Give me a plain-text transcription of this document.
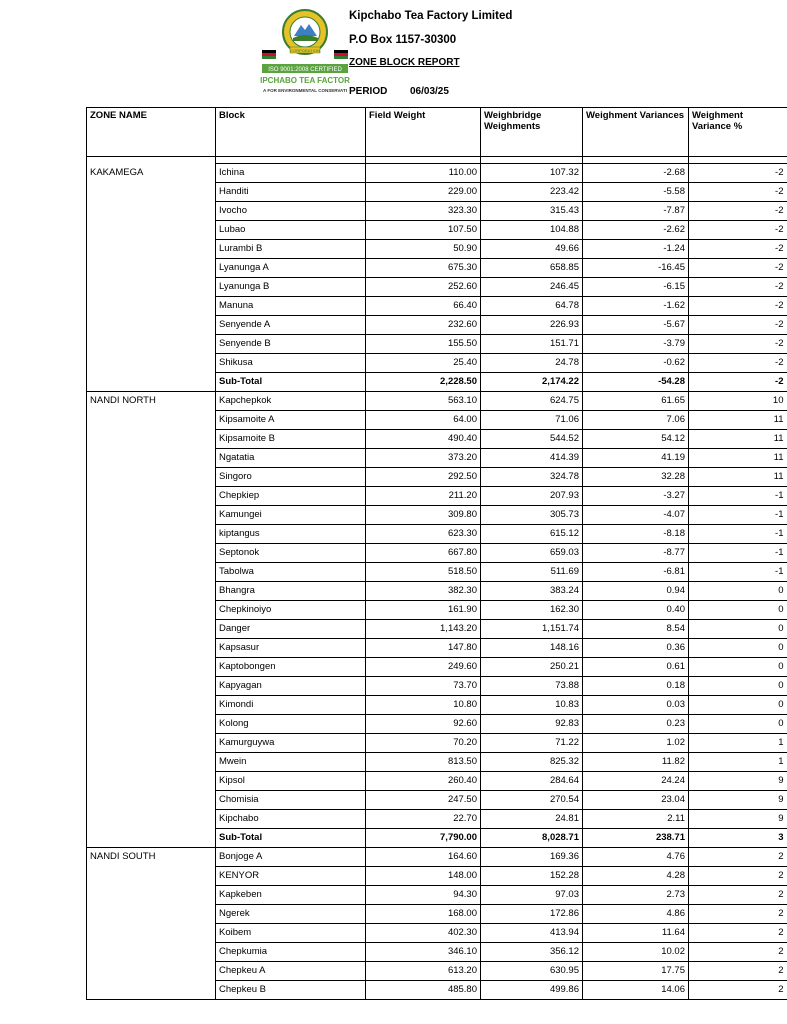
CORPORATION
ISO 9001:2008 CERTIFIED
IPCHABO TEA FACTOR
A FOR ENVIRONMENTAL CONSERVATI
Kipchabo Tea Factory Limited
P.O Box 1157-30300
ZONE BLOCK REPORT
PERIOD 06/03/25
ZONE NAME	Block	Field Weight	Weighbridge Weighments	Weighment Variances	Weighment Variance %

KAKAMEGA	Ichina	110.00	107.32	-2.68	-2
	Handiti	229.00	223.42	-5.58	-2
	Ivocho	323.30	315.43	-7.87	-2
	Lubao	107.50	104.88	-2.62	-2
	Lurambi B	50.90	49.66	-1.24	-2
	Lyanunga A	675.30	658.85	-16.45	-2
	Lyanunga B	252.60	246.45	-6.15	-2
	Manuna	66.40	64.78	-1.62	-2
	Senyende A	232.60	226.93	-5.67	-2
	Senyende B	155.50	151.71	-3.79	-2
	Shikusa	25.40	24.78	-0.62	-2
	Sub-Total	2,228.50	2,174.22	-54.28	-2
NANDI NORTH	Kapchepkok	563.10	624.75	61.65	10
	Kipsamoite A	64.00	71.06	7.06	11
	Kipsamoite B	490.40	544.52	54.12	11
	Ngatatia	373.20	414.39	41.19	11
	Singoro	292.50	324.78	32.28	11
	Chepkiep	211.20	207.93	-3.27	-1
	Kamungei	309.80	305.73	-4.07	-1
	kiptangus	623.30	615.12	-8.18	-1
	Septonok	667.80	659.03	-8.77	-1
	Tabolwa	518.50	511.69	-6.81	-1
	Bhangra	382.30	383.24	0.94	0
	Chepkinoiyo	161.90	162.30	0.40	0
	Danger	1,143.20	1,151.74	8.54	0
	Kapsasur	147.80	148.16	0.36	0
	Kaptobongen	249.60	250.21	0.61	0
	Kapyagan	73.70	73.88	0.18	0
	Kimondi	10.80	10.83	0.03	0
	Kolong	92.60	92.83	0.23	0
	Kamurguywa	70.20	71.22	1.02	1
	Mwein	813.50	825.32	11.82	1
	Kipsol	260.40	284.64	24.24	9
	Chomisia	247.50	270.54	23.04	9
	Kipchabo	22.70	24.81	2.11	9
	Sub-Total	7,790.00	8,028.71	238.71	3
NANDI SOUTH	Bonjoge A	164.60	169.36	4.76	2
	KENYOR	148.00	152.28	4.28	2
	Kapkeben	94.30	97.03	2.73	2
	Ngerek	168.00	172.86	4.86	2
	Koibem	402.30	413.94	11.64	2
	Chepkumia	346.10	356.12	10.02	2
	Chepkeu A	613.20	630.95	17.75	2
	Chepkeu B	485.80	499.86	14.06	2
